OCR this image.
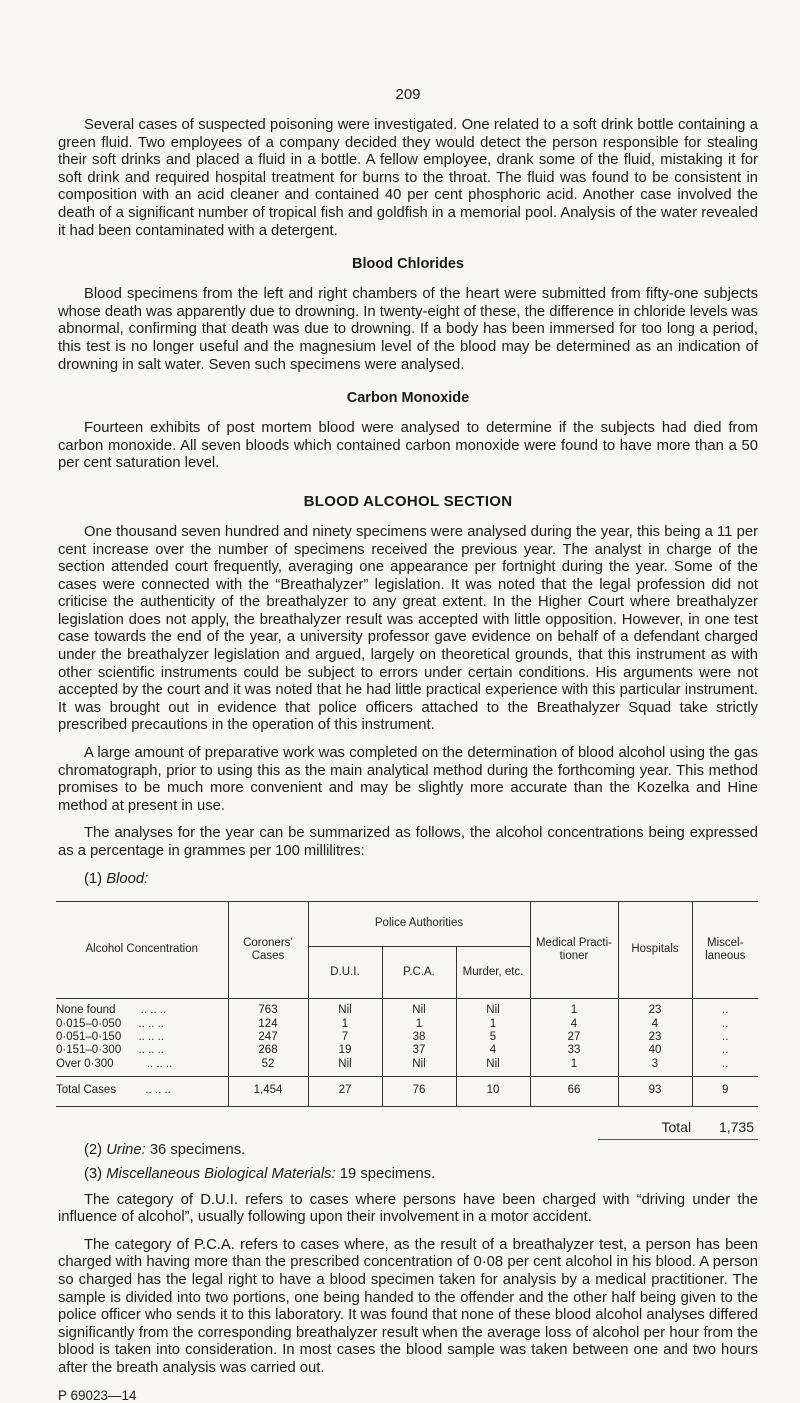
209

Several cases of suspected poisoning were investigated. One related to a soft drink bottle containing a green fluid. Two employees of a company decided they would detect the person responsible for stealing their soft drinks and placed a fluid in a bottle. A fellow employee, drank some of the fluid, mistaking it for soft drink and required hospital treatment for burns to the throat. The fluid was found to be consistent in composition with an acid cleaner and contained 40 per cent phosphoric acid. Another case involved the death of a significant number of tropical fish and goldfish in a memorial pool. Analysis of the water revealed it had been contaminated with a detergent.

Blood Chlorides

Blood specimens from the left and right chambers of the heart were submitted from fifty-one subjects whose death was apparently due to drowning. In twenty-eight of these, the difference in chloride levels was abnormal, confirming that death was due to drowning. If a body has been immersed for too long a period, this test is no longer useful and the magnesium level of the blood may be determined as an indication of drowning in salt water. Seven such specimens were analysed.

Carbon Monoxide

Fourteen exhibits of post mortem blood were analysed to determine if the subjects had died from carbon monoxide. All seven bloods which contained carbon monoxide were found to have more than a 50 per cent saturation level.

BLOOD ALCOHOL SECTION

One thousand seven hundred and ninety specimens were analysed during the year, this being a 11 per cent increase over the number of specimens received the previous year. The analyst in charge of the section attended court frequently, averaging one appearance per fortnight during the year. Some of the cases were connected with the “Breathalyzer” legislation. It was noted that the legal profession did not criticise the authenticity of the breathalyzer to any great extent. In the Higher Court where breathalyzer legislation does not apply, the breathalyzer result was accepted with little opposition. However, in one test case towards the end of the year, a university professor gave evidence on behalf of a defendant charged under the breathalyzer legislation and argued, largely on theoretical grounds, that this instrument as with other scientific instruments could be subject to errors under certain conditions. His arguments were not accepted by the court and it was noted that he had little practical experience with this particular instrument. It was brought out in evidence that police officers attached to the Breathalyzer Squad take strictly prescribed precautions in the operation of this instrument.

A large amount of preparative work was completed on the determination of blood alcohol using the gas chromatograph, prior to using this as the main analytical method during the forthcoming year. This method promises to be much more convenient and may be slightly more accurate than the Kozelka and Hine method at present in use.

The analyses for the year can be summarized as follows, the alcohol concentrations being expressed as a percentage in grammes per 100 millilitres:

(1) Blood:
Alcohol Concentration	Coroners’ Cases	Police Authorities			Medical Practi- tioner	Hospitals	Miscel- laneous
		D.U.I.	P.C.A.	Murder, etc.			

None found .. .. ..	763	Nil	Nil	Nil	1	23	..
0·015–0·050 .. .. ..	124	1	1	1	4	4	..
0·051–0·150 .. .. ..	247	7	38	5	27	23	..
0·151–0·300 .. .. ..	268	19	37	4	33	40	..
Over 0·300 .. .. ..	52	Nil	Nil	Nil	1	3	..

Total Cases .. .. ..	1,454	27	76	10	66	93	9
Total 1,735
(2) Urine: 36 specimens.
(3) Miscellaneous Biological Materials: 19 specimens.

The category of D.U.I. refers to cases where persons have been charged with “driving under the influence of alcohol”, usually following upon their involvement in a motor accident.

The category of P.C.A. refers to cases where, as the result of a breathalyzer test, a person has been charged with having more than the prescribed concentration of 0·08 per cent alcohol in his blood. A person so charged has the legal right to have a blood specimen taken for analysis by a medical practitioner. The sample is divided into two portions, one being handed to the offender and the other half being given to the police officer who sends it to this laboratory. It was found that none of these blood alcohol analyses differed significantly from the corresponding breathalyzer result when the average loss of alcohol per hour from the blood is taken into consideration. In most cases the blood sample was taken between one and two hours after the breath analysis was carried out.

P 69023—14
